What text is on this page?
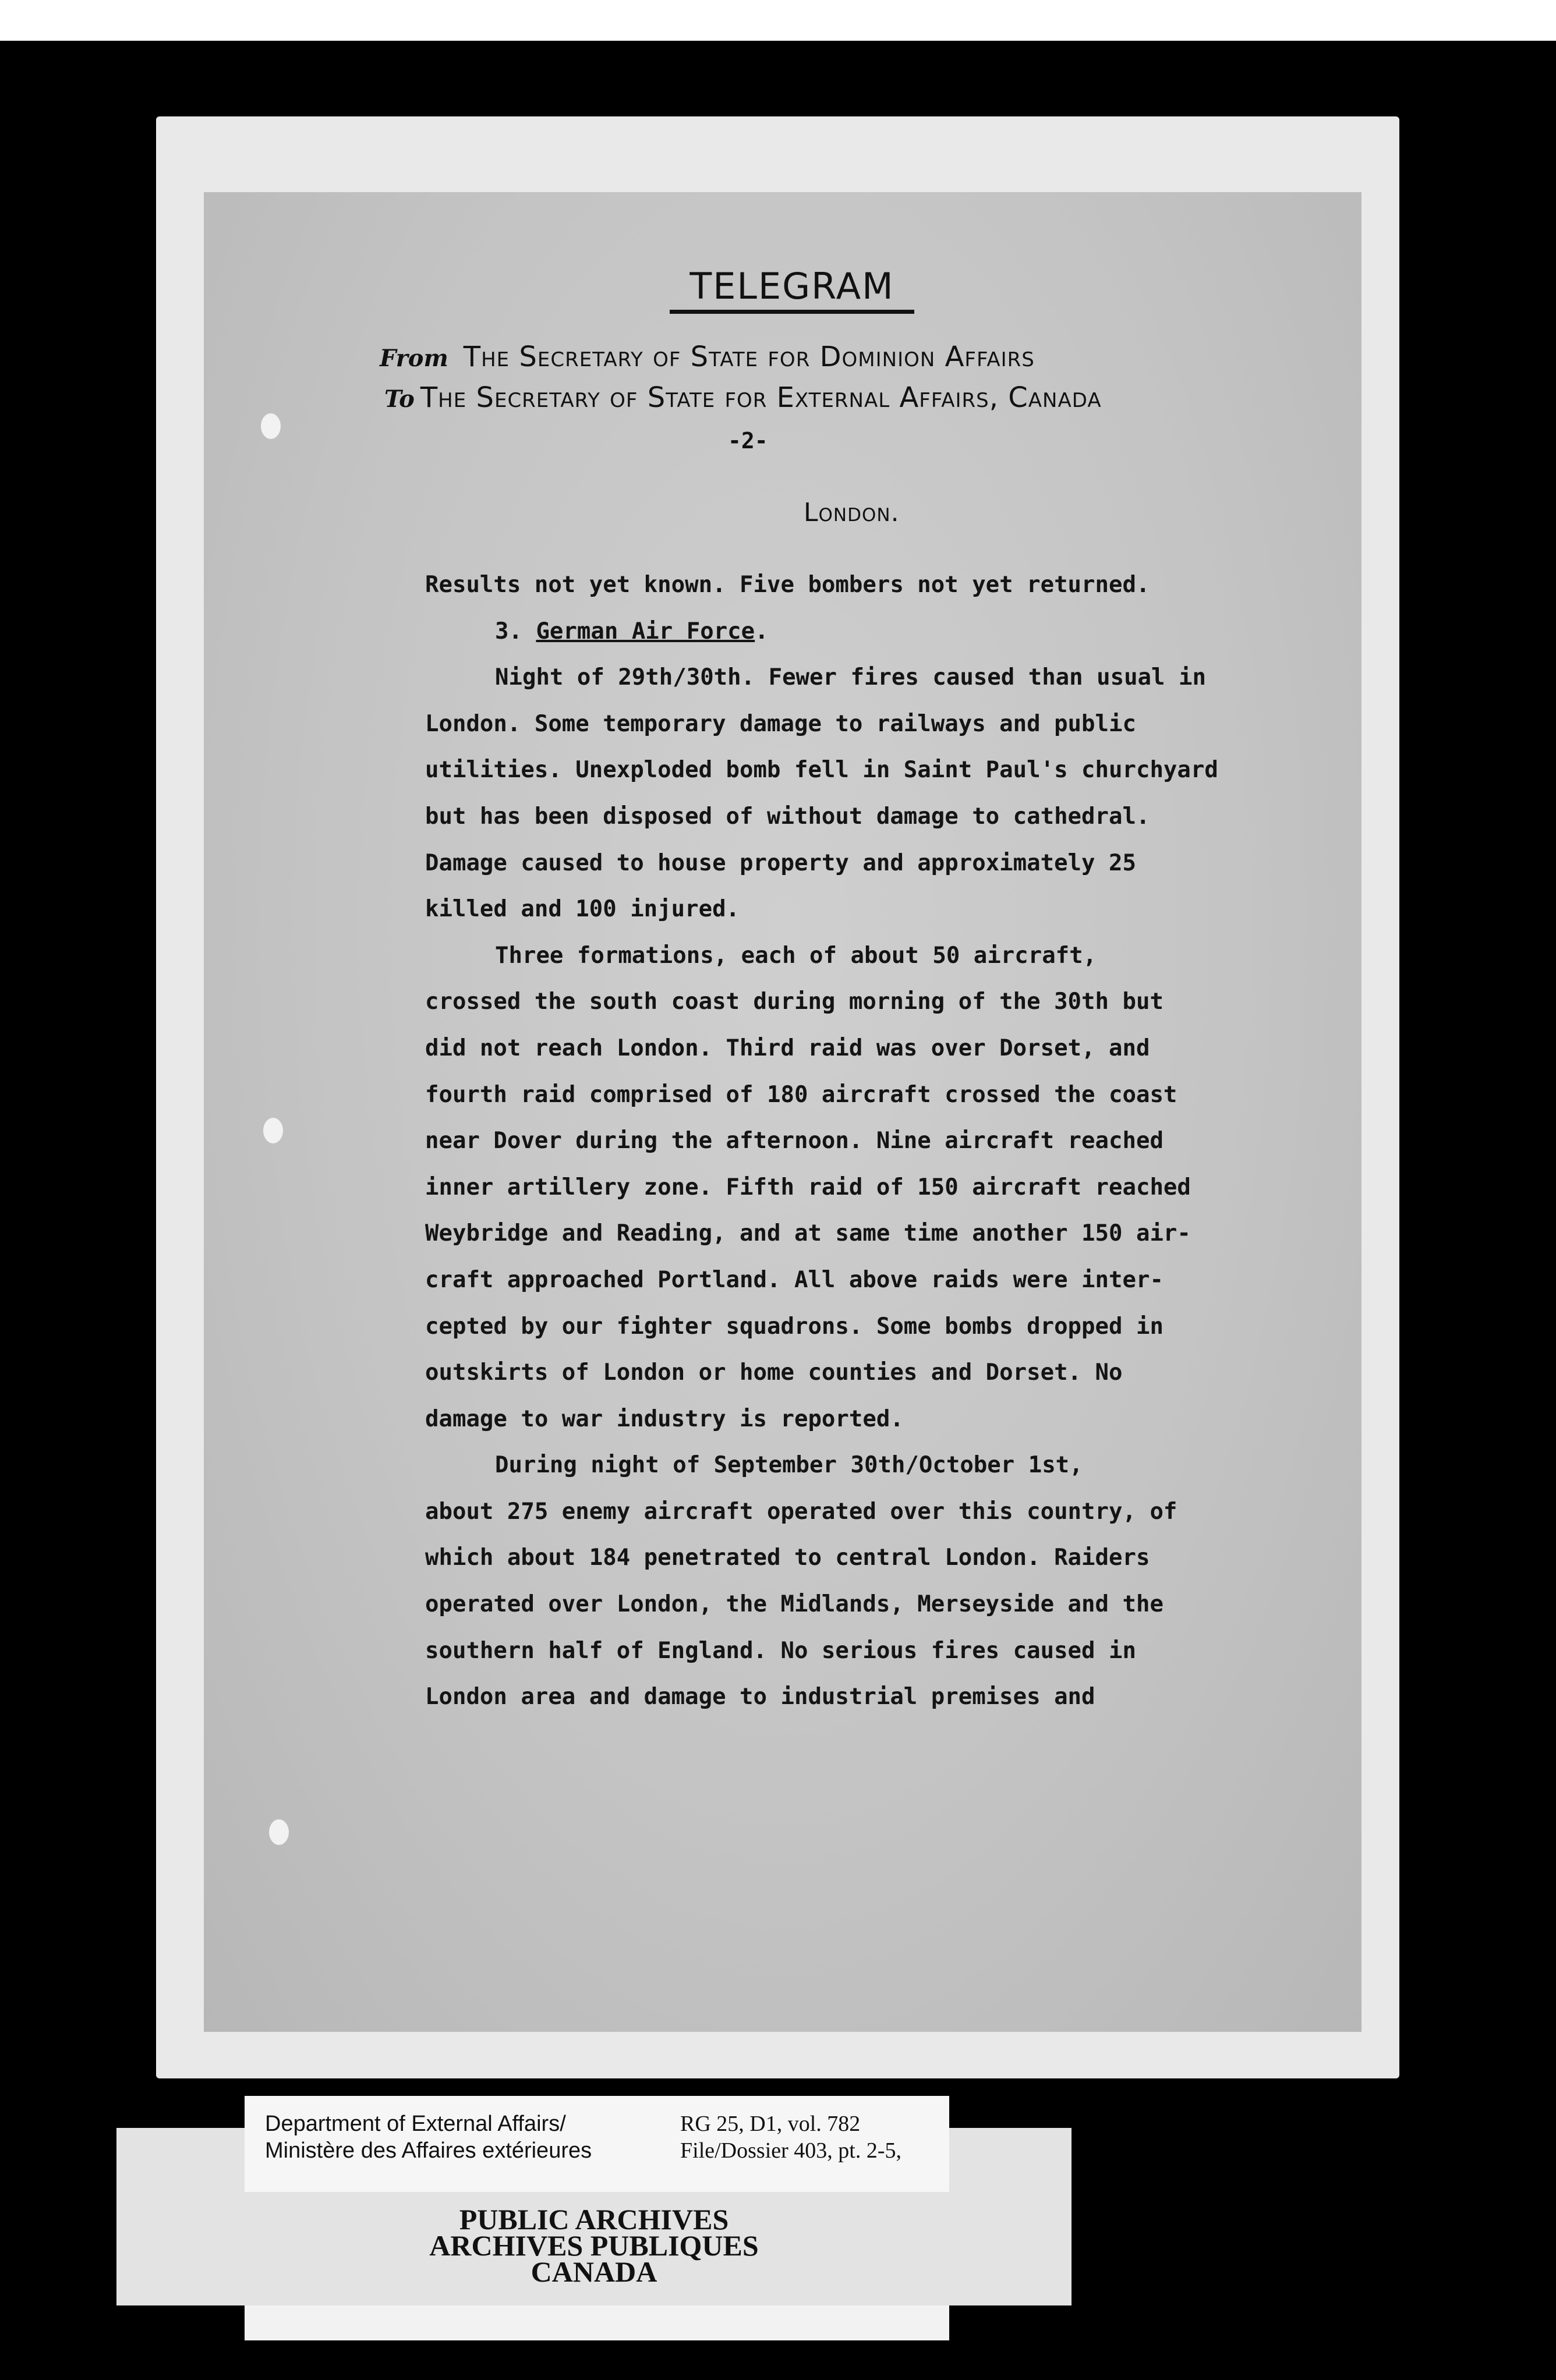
TELEGRAM
From The Secretary of State for Dominion Affairs
To The Secretary of State for External Affairs, Canada
-2-
London.
Results not yet known. Five bombers not yet returned.
3. German Air Force.
Night of 29th/30th. Fewer fires caused than usual in
London. Some temporary damage to railways and public
utilities. Unexploded bomb fell in Saint Paul's churchyard
but has been disposed of without damage to cathedral.
Damage caused to house property and approximately 25
killed and 100 injured.
Three formations, each of about 50 aircraft,
crossed the south coast during morning of the 30th but
did not reach London. Third raid was over Dorset, and
fourth raid comprised of 180 aircraft crossed the coast
near Dover during the afternoon. Nine aircraft reached
inner artillery zone. Fifth raid of 150 aircraft reached
Weybridge and Reading, and at same time another 150 air-
craft approached Portland. All above raids were inter-
cepted by our fighter squadrons. Some bombs dropped in
outskirts of London or home counties and Dorset. No
damage to war industry is reported.
During night of September 30th/October 1st,
about 275 enemy aircraft operated over this country, of
which about 184 penetrated to central London. Raiders
operated over London, the Midlands, Merseyside and the
southern half of England. No serious fires caused in
London area and damage to industrial premises and
Department of External Affairs/
Ministère des Affaires extérieures
RG 25, D1, vol. 782
File/Dossier 403, pt. 2-5,
PUBLIC ARCHIVES
ARCHIVES PUBLIQUES
CANADA
